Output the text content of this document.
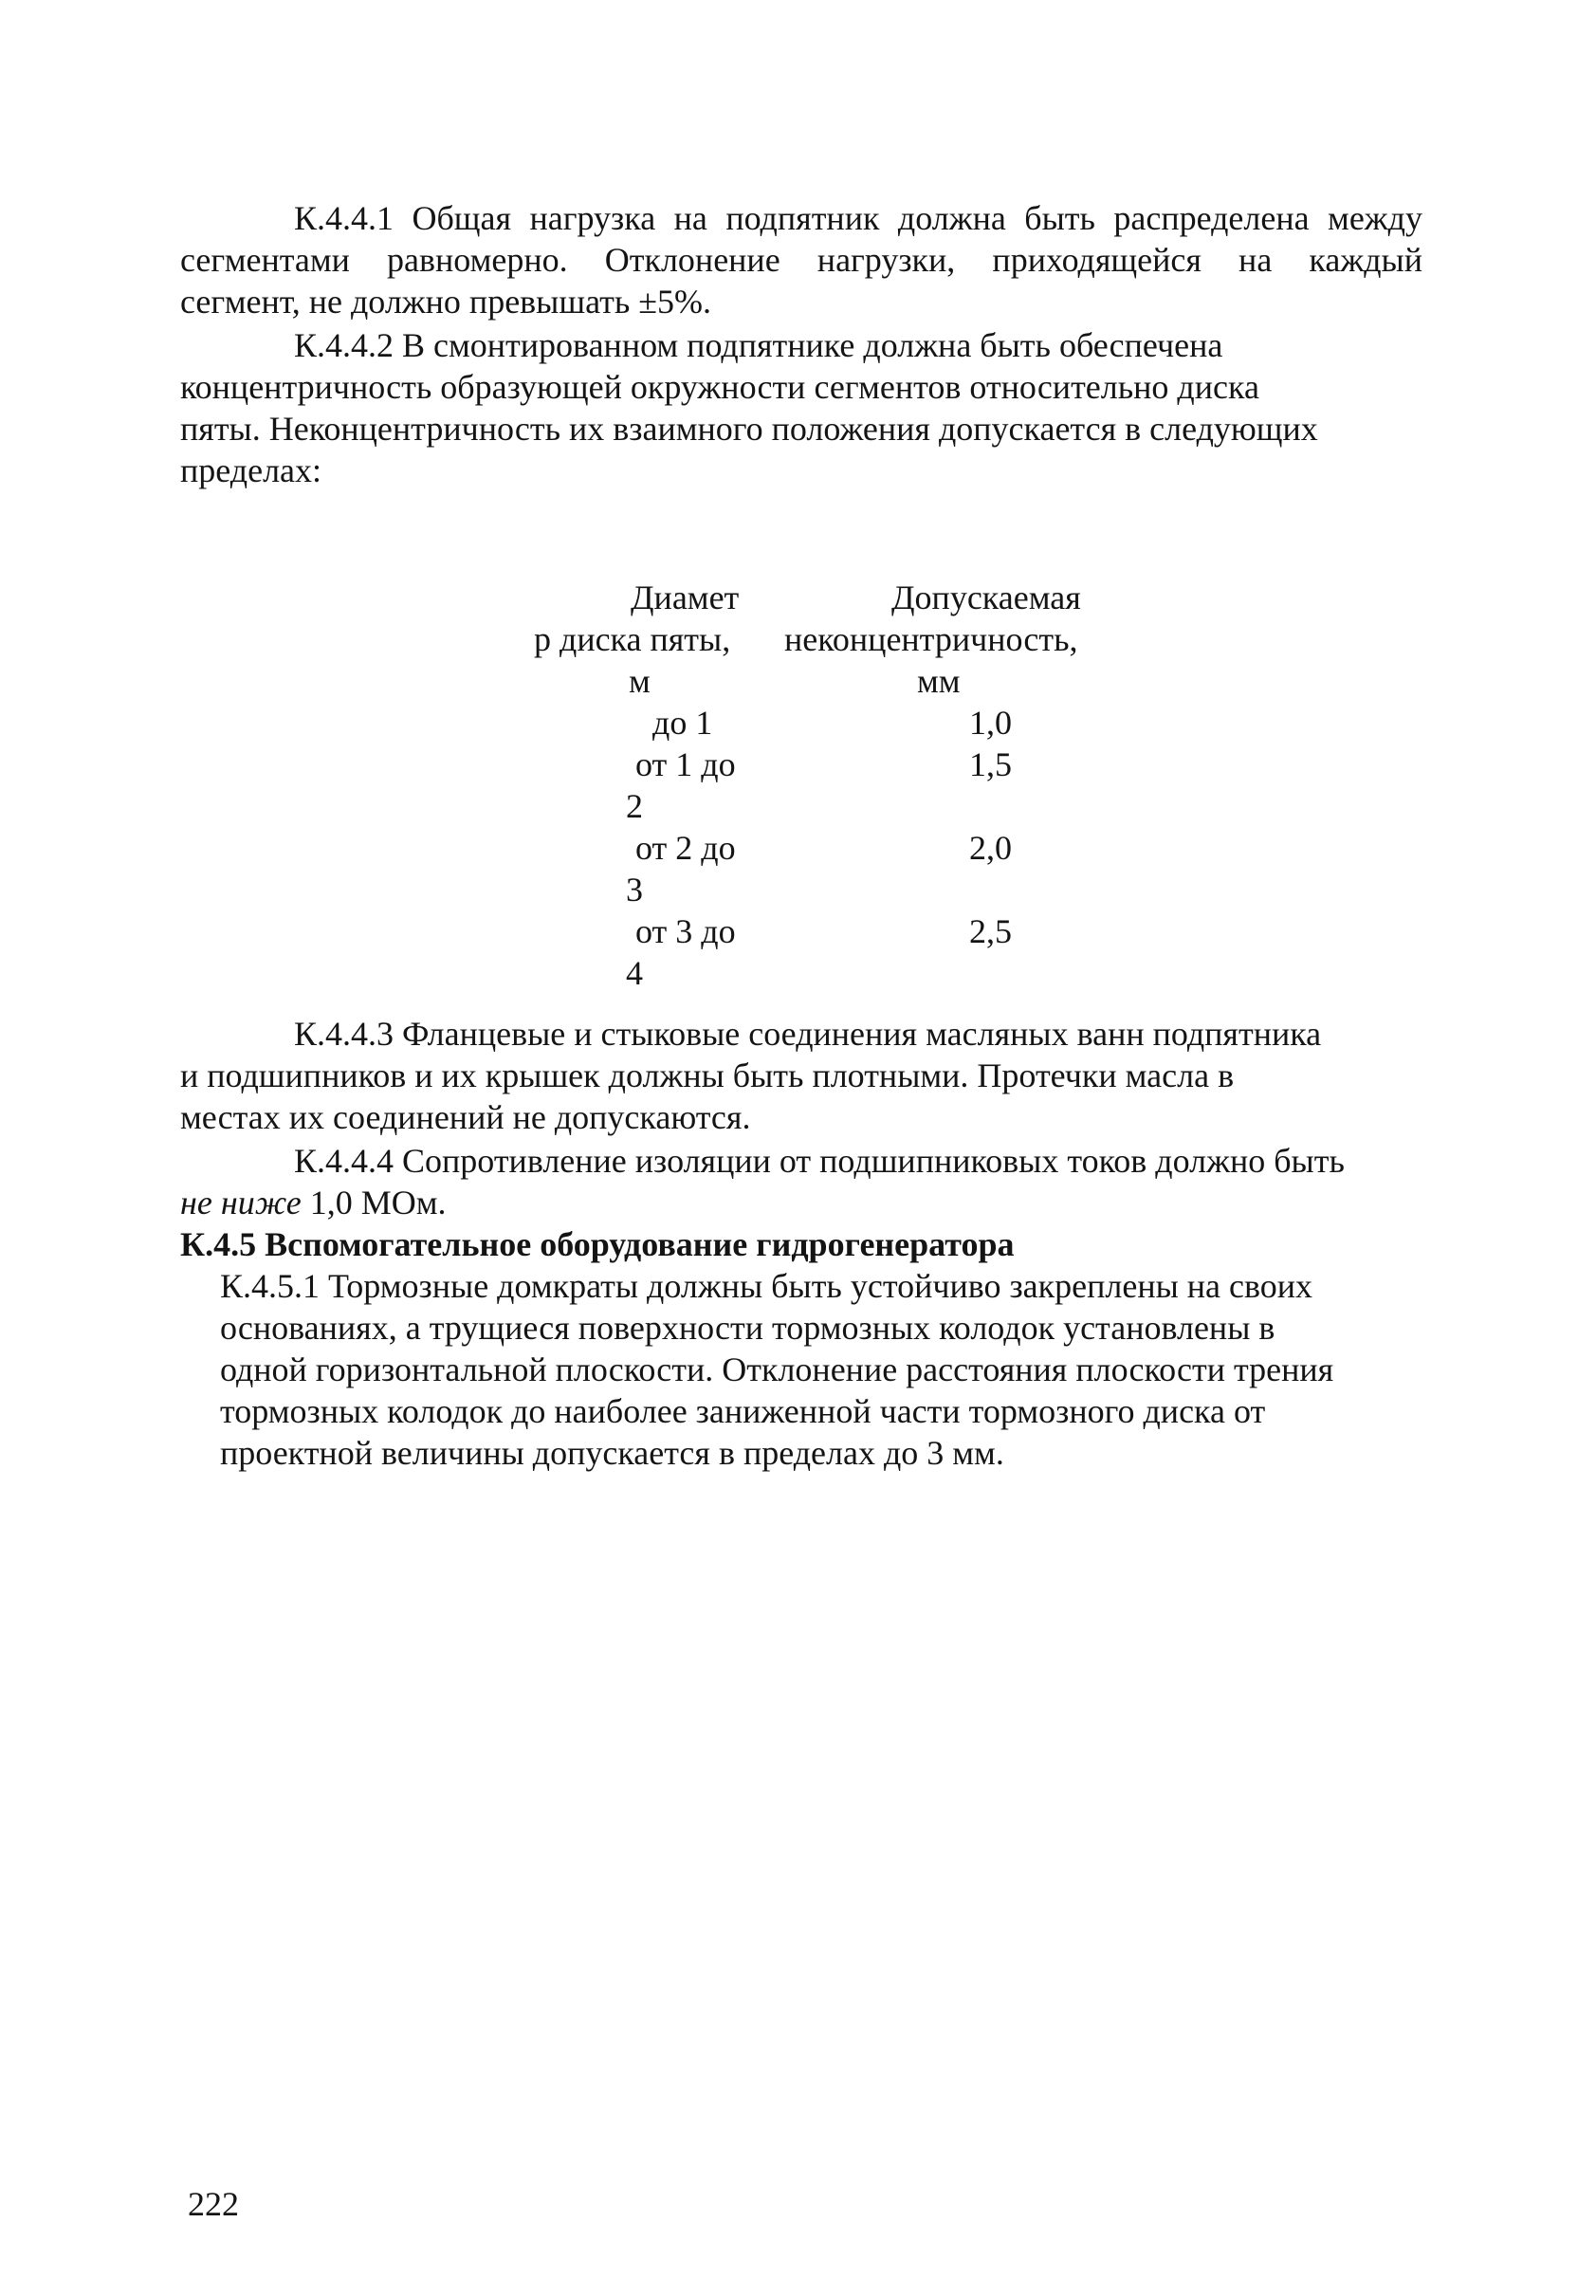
К.4.4.1 Общая нагрузка на подпятник должна быть распределена между
сегментами равномерно. Отклонение нагрузки, приходящейся на каждый
сегмент, не должно превышать ±5%.
К.4.4.2 В смонтированном подпятнике должна быть обеспечена
концентричность образующей окружности сегментов относительно диска
пяты. Неконцентричность их взаимного положения допускается в следующих
пределах:
Диамет
р диска пяты,
м
Допускаемая
неконцентричность,
мм
до 1	1,0
от 1 до
2
1,5
от 2 до
3
2,0
от 3 до
4
2,5
К.4.4.3 Фланцевые и стыковые соединения масляных ванн подпятника
и подшипников и их крышек должны быть плотными. Протечки масла в
местах их соединений не допускаются.
К.4.4.4 Сопротивление изоляции от подшипниковых токов должно быть
не ниже 1,0 МОм.
К.4.5 Вспомогательное оборудование гидрогенератора
К.4.5.1 Тормозные домкраты должны быть устойчиво закреплены на своих
основаниях, а трущиеся поверхности тормозных колодок установлены в
одной горизонтальной плоскости. Отклонение расстояния плоскости трения
тормозных колодок до наиболее заниженной части тормозного диска от
проектной величины допускается в пределах до 3 мм.
222
